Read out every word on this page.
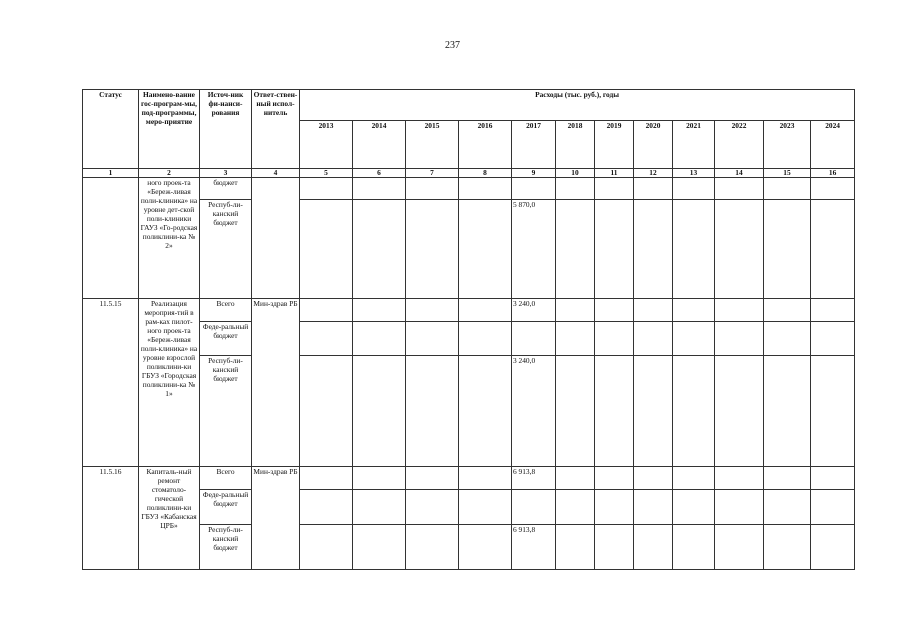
237
Статус	Наимено-вание гос-програм-мы, под-программы, меро-приятие	Источ-ник фи-нанси-рования	Ответ-ствен-ный испол-нитель	Расходы (тыс. руб.), годы											
				2013	2014	2015	2016	2017	2018	2019	2020	2021	2022	2023	2024
1	2	3	4	5	6	7	8	9	10	11	12	13	14	15	16
	ного проек-та «Береж-ливая поли-клиника» на уровне дет-ской поли-клиники ГАУЗ «Го-родская поликлини-ка № 2»	бюджет													
		Респуб-ли-канский бюджет						5 870,0							
11.5.15	Реализация мероприя-тий в рам-ках пилот-ного проек-та «Береж-ливая поли-клиника» на уровне взрослой поликлини-ки ГБУЗ «Городская поликлини-ка № 1»	Всего	Мин-здрав РБ					3 240,0							
		Феде-ральный бюджет													
		Респуб-ли-канский бюджет						3 240,0							
11.5.16	Капиталь-ный ремонт стоматоло-гической поликлини-ки ГБУЗ «Кабанская ЦРБ»	Всего	Мин-здрав РБ					6 913,8							
		Феде-ральный бюджет													
		Респуб-ли-канский бюджет						6 913,8							
